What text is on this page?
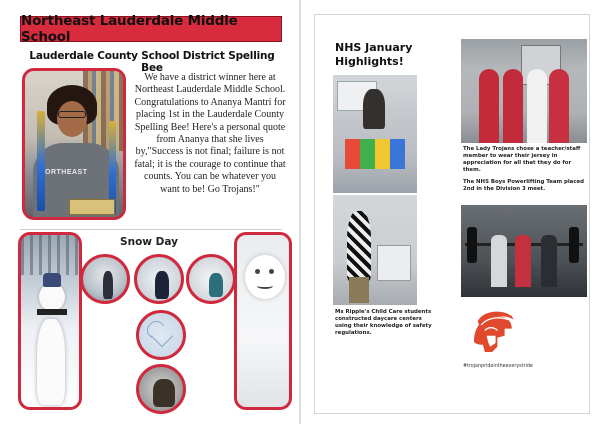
Northeast Lauderdale Middle School
Lauderdale County School District Spelling Bee
ORTHEAST
We have a district winner here at Northeast Lauderdale Middle School. Congratulations to Ananya Mantri for placing 1st in the Lauderdale County Spelling Bee! Here's a personal quote from Ananya that she lives by,"Success is not final; failure is not fatal; it is the courage to continue that counts. You can be whatever you want to be! Go Trojans!"
Snow Day
NHS January Highlights!
The Lady Trojans chose a teacher/staff member to wear their jersey in appreciation for all that they do for them.
The NHS Boys Powerlifting Team placed 2nd in the Division 3 meet.
Ms Ripple's Child Care students constructed daycare centers using their knowledge of safety regulations.
#trojanprideintheeverystride
